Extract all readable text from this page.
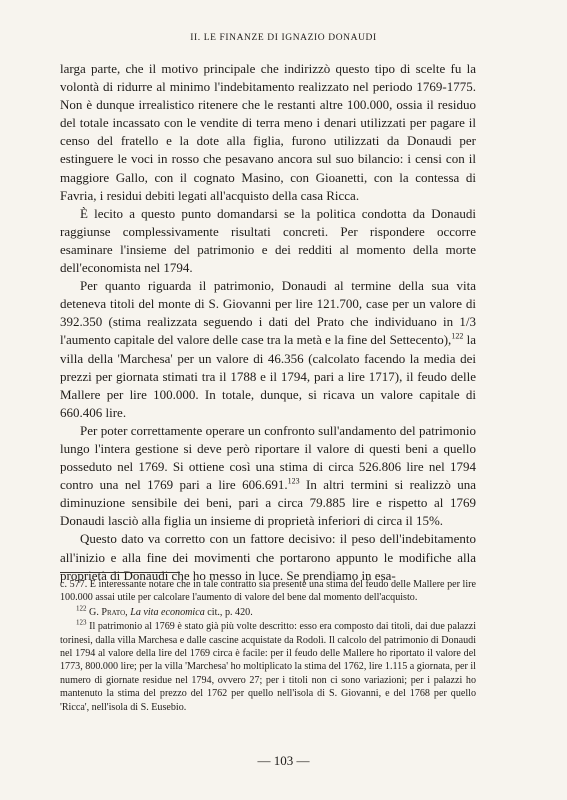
II. LE FINANZE DI IGNAZIO DONAUDI

larga parte, che il motivo principale che indirizzò questo tipo di scelte fu la volontà di ridurre al minimo l'indebitamento realizzato nel periodo 1769-1775. Non è dunque irrealistico ritenere che le restanti altre 100.000, ossia il residuo del totale incassato con le vendite di terra meno i denari utilizzati per pagare il censo del fratello e la dote alla figlia, furono utilizzati da Donaudi per estinguere le voci in rosso che pesavano ancora sul suo bilancio: i censi con il maggiore Gallo, con il cognato Masino, con Gioanetti, con la contessa di Favria, i residui debiti legati all'acquisto della casa Ricca.

È lecito a questo punto domandarsi se la politica condotta da Donaudi raggiunse complessivamente risultati concreti. Per rispondere occorre esaminare l'insieme del patrimonio e dei redditi al momento della morte dell'economista nel 1794.

Per quanto riguarda il patrimonio, Donaudi al termine della sua vita deteneva titoli del monte di S. Giovanni per lire 121.700, case per un valore di 392.350 (stima realizzata seguendo i dati del Prato che individuano in 1/3 l'aumento capitale del valore delle case tra la metà e la fine del Settecento),$^{122}$ la villa della 'Marchesa' per un valore di 46.356 (calcolato facendo la media dei prezzi per giornata stimati tra il 1788 e il 1794, pari a lire 1717), il feudo delle Mallere per lire 100.000. In totale, dunque, si ricava un valore capitale di 660.406 lire.

Per poter correttamente operare un confronto sull'andamento del patrimonio lungo l'intera gestione si deve però riportare il valore di questi beni a quello posseduto nel 1769. Si ottiene così una stima di circa 526.806 lire nel 1794 contro una nel 1769 pari a lire 606.691.$^{123}$ In altri termini si realizzò una diminuzione sensibile dei beni, pari a circa 79.885 lire e rispetto al 1769 Donaudi lasciò alla figlia un insieme di proprietà inferiori di circa il 15%.

Questo dato va corretto con un fattore decisivo: il peso dell'indebitamento all'inizio e alla fine dei movimenti che portarono appunto le modifiche alla proprietà di Donaudi che ho messo in luce. Se prendiamo in esa-

c. 577. È interessante notare che in tale contratto sia presente una stima del feudo delle Mallere per lire 100.000 assai utile per calcolare l'aumento di valore del bene dal momento dell'acquisto.

$^{122}$ G. Prato, La vita economica cit., p. 420.

$^{123}$ Il patrimonio al 1769 è stato già più volte descritto: esso era composto dai titoli, dai due palazzi torinesi, dalla villa Marchesa e dalle cascine acquistate da Rodolì. Il calcolo del patrimonio di Donaudi nel 1794 al valore della lire del 1769 circa è facile: per il feudo delle Mallere ho riportato il valore del 1773, 800.000 lire; per la villa 'Marchesa' ho moltiplicato la stima del 1762, lire 1.115 a giornata, per il numero di giornate residue nel 1794, ovvero 27; per i titoli non ci sono variazioni; per i palazzi ho mantenuto la stima del prezzo del 1762 per quello nell'isola di S. Giovanni, e del 1768 per quello 'Ricca', nell'isola di S. Eusebio.

— 103 —
